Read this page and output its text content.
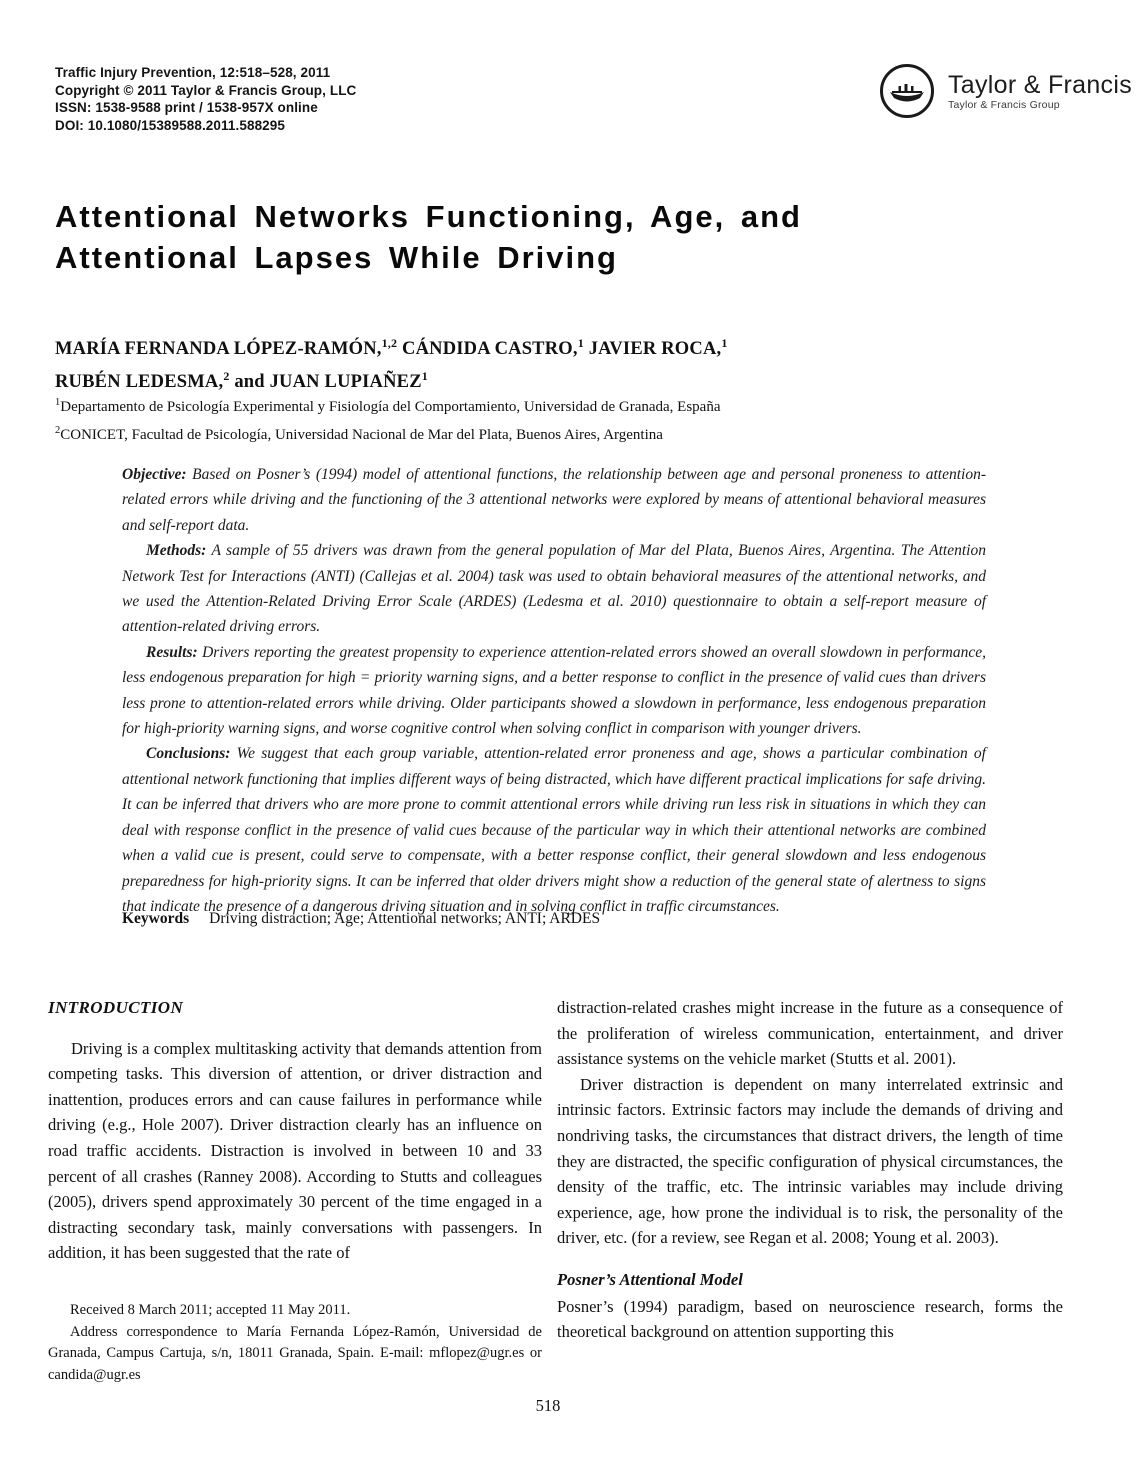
Traffic Injury Prevention, 12:518–528, 2011
Copyright © 2011 Taylor & Francis Group, LLC
ISSN: 1538-9588 print / 1538-957X online
DOI: 10.1080/15389588.2011.588295
Taylor & Francis
Taylor & Francis Group
Attentional Networks Functioning, Age, and
Attentional Lapses While Driving
MARÍA FERNANDA LÓPEZ-RAMÓN,$^{1,2}$ CÁNDIDA CASTRO,$^1$ JAVIER ROCA,$^1$
RUBÉN LEDESMA,$^2$ and JUAN LUPIAÑEZ$^1$
$^1$Departamento de Psicología Experimental y Fisiología del Comportamiento, Universidad de Granada, España
$^2$CONICET, Facultad de Psicología, Universidad Nacional de Mar del Plata, Buenos Aires, Argentina

Objective: Based on Posner’s (1994) model of attentional functions, the relationship between age and personal proneness to attention-related errors while driving and the functioning of the 3 attentional networks were explored by means of attentional behavioral measures and self-report data.

Methods: A sample of 55 drivers was drawn from the general population of Mar del Plata, Buenos Aires, Argentina. The Attention Network Test for Interactions (ANTI) (Callejas et al. 2004) task was used to obtain behavioral measures of the attentional networks, and we used the Attention-Related Driving Error Scale (ARDES) (Ledesma et al. 2010) questionnaire to obtain a self-report measure of attention-related driving errors.

Results: Drivers reporting the greatest propensity to experience attention-related errors showed an overall slowdown in performance, less endogenous preparation for high = priority warning signs, and a better response to conflict in the presence of valid cues than drivers less prone to attention-related errors while driving. Older participants showed a slowdown in performance, less endogenous preparation for high-priority warning signs, and worse cognitive control when solving conflict in comparison with younger drivers.

Conclusions: We suggest that each group variable, attention-related error proneness and age, shows a particular combination of attentional network functioning that implies different ways of being distracted, which have different practical implications for safe driving. It can be inferred that drivers who are more prone to commit attentional errors while driving run less risk in situations in which they can deal with response conflict in the presence of valid cues because of the particular way in which their attentional networks are combined when a valid cue is present, could serve to compensate, with a better response conflict, their general slowdown and less endogenous preparedness for high-priority signs. It can be inferred that older drivers might show a reduction of the general state of alertness to signs that indicate the presence of a dangerous driving situation and in solving conflict in traffic circumstances.

Keywords Driving distraction; Age; Attentional networks; ANTI; ARDES
INTRODUCTION

Driving is a complex multitasking activity that demands attention from competing tasks. This diversion of attention, or driver distraction and inattention, produces errors and can cause failures in performance while driving (e.g., Hole 2007). Driver distraction clearly has an influence on road traffic accidents. Distraction is involved in between 10 and 33 percent of all crashes (Ranney 2008). According to Stutts and colleagues (2005), drivers spend approximately 30 percent of the time engaged in a distracting secondary task, mainly conversations with passengers. In addition, it has been suggested that the rate of

distraction-related crashes might increase in the future as a consequence of the proliferation of wireless communication, entertainment, and driver assistance systems on the vehicle market (Stutts et al. 2001).

Driver distraction is dependent on many interrelated extrinsic and intrinsic factors. Extrinsic factors may include the demands of driving and nondriving tasks, the circumstances that distract drivers, the length of time they are distracted, the specific configuration of physical circumstances, the density of the traffic, etc. The intrinsic variables may include driving experience, age, how prone the individual is to risk, the personality of the driver, etc. (for a review, see Regan et al. 2008; Young et al. 2003).

Posner’s Attentional Model

Posner’s (1994) paradigm, based on neuroscience research, forms the theoretical background on attention supporting this

Received 8 March 2011; accepted 11 May 2011.

Address correspondence to María Fernanda López-Ramón, Universidad de Granada, Campus Cartuja, s/n, 18011 Granada, Spain. E-mail: mflopez@ugr.es or candida@ugr.es

518
